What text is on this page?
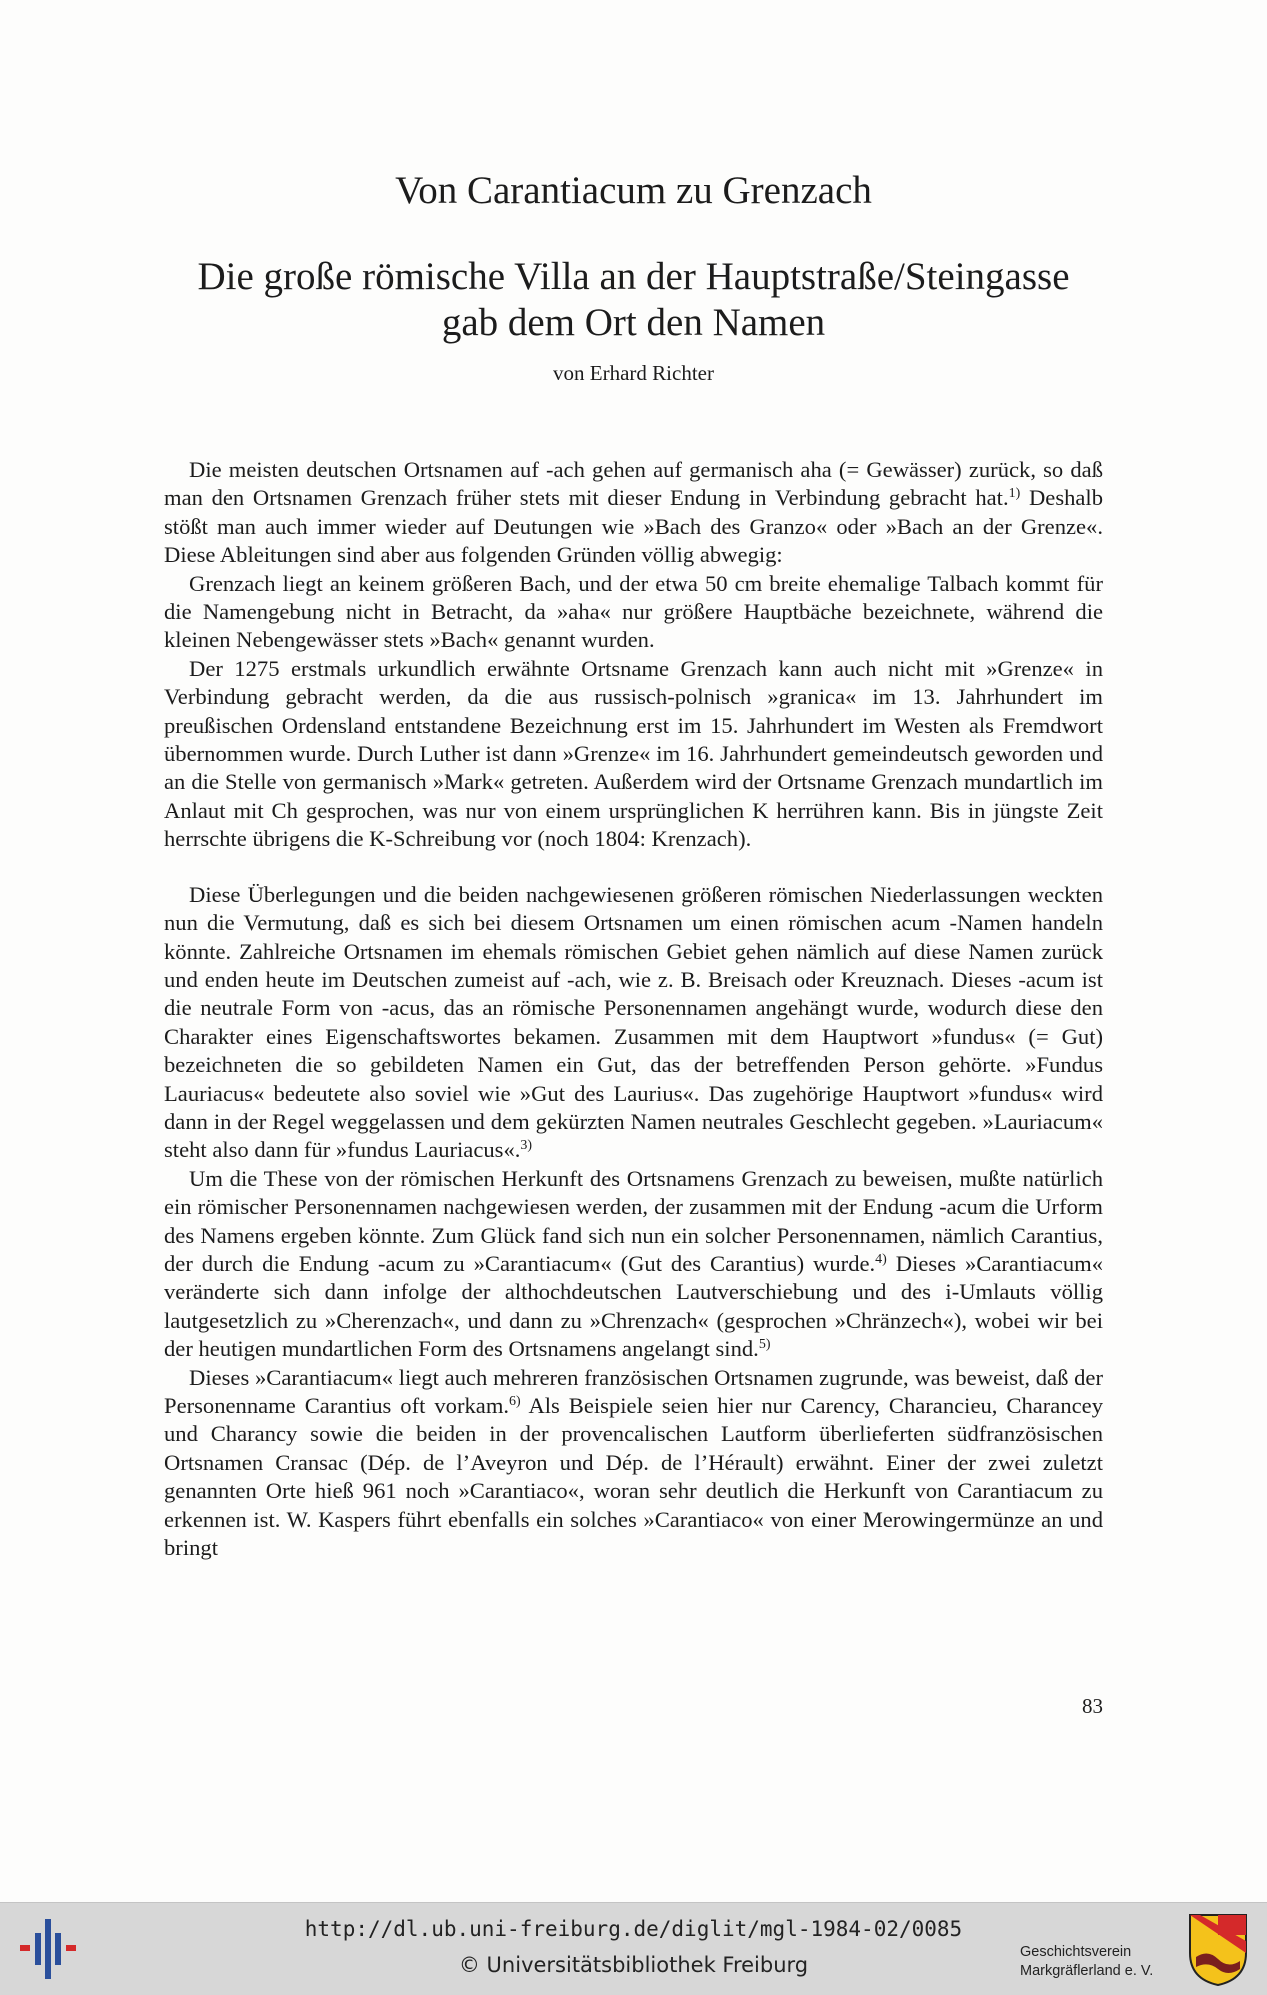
Von Carantiacum zu Grenzach
Die große römische Villa an der Hauptstraße/Steingasse
gab dem Ort den Namen
von Erhard Richter

Die meisten deutschen Ortsnamen auf -ach gehen auf germanisch aha (= Gewässer) zurück, so daß man den Ortsnamen Grenzach früher stets mit dieser Endung in Verbindung gebracht hat.$^{1)}$ Deshalb stößt man auch immer wieder auf Deutungen wie »Bach des Granzo« oder »Bach an der Grenze«. Diese Ableitungen sind aber aus folgenden Gründen völlig abwegig:

Grenzach liegt an keinem größeren Bach, und der etwa 50 cm breite ehemalige Talbach kommt für die Namengebung nicht in Betracht, da »aha« nur größere Hauptbäche bezeichnete, während die kleinen Nebengewässer stets »Bach« genannt wurden.

Der 1275 erstmals urkundlich erwähnte Ortsname Grenzach kann auch nicht mit »Grenze« in Verbindung gebracht werden, da die aus russisch-polnisch »granica« im 13. Jahrhundert im preußischen Ordensland entstandene Bezeichnung erst im 15. Jahrhundert im Westen als Fremdwort übernommen wurde. Durch Luther ist dann »Grenze« im 16. Jahrhundert gemeindeutsch geworden und an die Stelle von germanisch »Mark« getreten. Außerdem wird der Ortsname Grenzach mundartlich im Anlaut mit Ch gesprochen, was nur von einem ursprünglichen K herrühren kann. Bis in jüngste Zeit herrschte übrigens die K-Schreibung vor (noch 1804: Krenzach).

Diese Überlegungen und die beiden nachgewiesenen größeren römischen Niederlassungen weckten nun die Vermutung, daß es sich bei diesem Ortsnamen um einen römischen acum -Namen handeln könnte. Zahlreiche Ortsnamen im ehemals römischen Gebiet gehen nämlich auf diese Namen zurück und enden heute im Deutschen zumeist auf -ach, wie z. B. Breisach oder Kreuznach. Dieses -acum ist die neutrale Form von -acus, das an römische Personennamen angehängt wurde, wodurch diese den Charakter eines Eigenschaftswortes bekamen. Zusammen mit dem Hauptwort »fundus« (= Gut) bezeichneten die so gebildeten Namen ein Gut, das der betreffenden Person gehörte. »Fundus Lauriacus« bedeutete also soviel wie »Gut des Laurius«. Das zugehörige Hauptwort »fundus« wird dann in der Regel weggelassen und dem gekürzten Namen neutrales Geschlecht gegeben. »Lauriacum« steht also dann für »fundus Lauriacus«.$^{3)}$

Um die These von der römischen Herkunft des Ortsnamens Grenzach zu beweisen, mußte natürlich ein römischer Personennamen nachgewiesen werden, der zusammen mit der Endung -acum die Urform des Namens ergeben könnte. Zum Glück fand sich nun ein solcher Personennamen, nämlich Carantius, der durch die Endung -acum zu »Carantiacum« (Gut des Carantius) wurde.$^{4)}$ Dieses »Carantiacum« veränderte sich dann infolge der althochdeutschen Lautverschiebung und des i-Umlauts völlig lautgesetzlich zu »Cherenzach«, und dann zu »Chrenzach« (gesprochen »Chränzech«), wobei wir bei der heutigen mundartlichen Form des Ortsnamens angelangt sind.$^{5)}$

Dieses »Carantiacum« liegt auch mehreren französischen Ortsnamen zugrunde, was beweist, daß der Personenname Carantius oft vorkam.$^{6)}$ Als Beispiele seien hier nur Carency, Charancieu, Charancey und Charancy sowie die beiden in der provencalischen Lautform überlieferten südfranzösischen Ortsnamen Cransac (Dép. de l’Aveyron und Dép. de l’Hérault) erwähnt. Einer der zwei zuletzt genannten Orte hieß 961 noch »Carantiaco«, woran sehr deutlich die Herkunft von Carantiacum zu erkennen ist. W. Kaspers führt ebenfalls ein solches »Carantiaco« von einer Merowingermünze an und bringt

83
http://dl.ub.uni-freiburg.de/diglit/mgl-1984-02/0085
© Universitätsbibliothek Freiburg
Geschichtsverein
Markgräflerland e. V.
